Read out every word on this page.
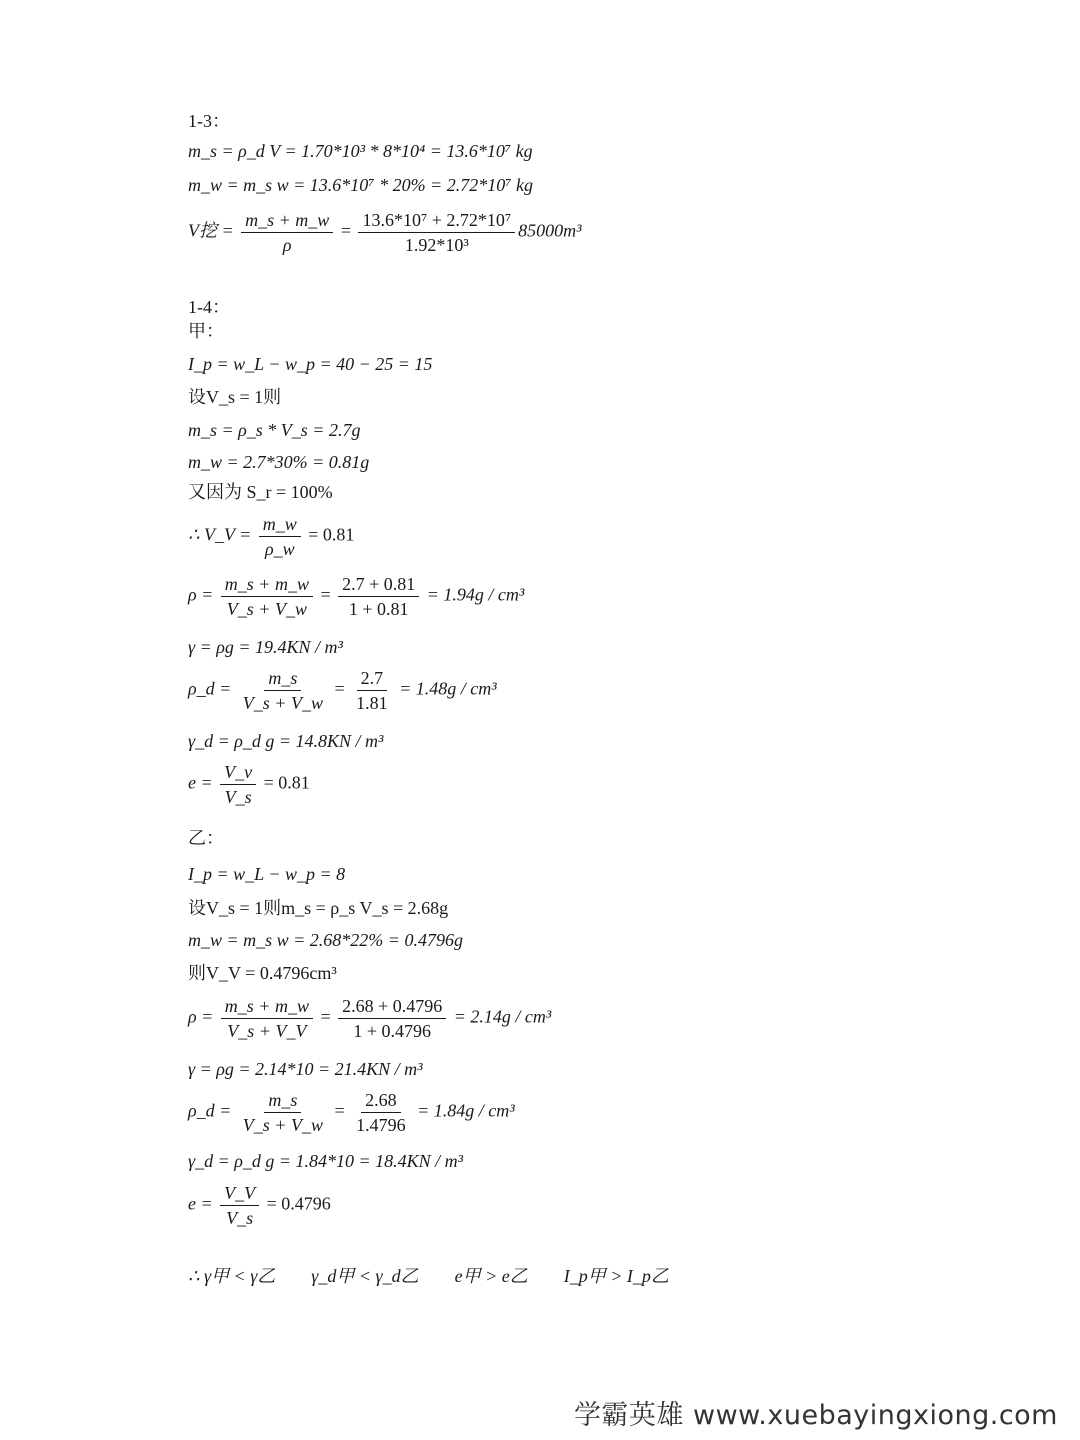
1-3：
m_s = ρ_d V = 1.70*10³ * 8*10⁴ = 13.6*10⁷ kg
m_w = m_s w = 13.6*10⁷ * 20% = 2.72*10⁷ kg
V挖 = $\frac{m\_s + m\_w}{\rho} = \frac{\text{13.6*10⁷ + 2.72*10⁷}}{\text{1.92*10³}} 85000m^3$
1-4：
甲：
I_p = w_L − w_p = 40 − 25 = 15
设V_s = 1则
m_s = ρ_s * V_s = 2.7g
m_w = 2.7*30% = 0.81g
又因为 S_r = 100%
∴ V_V = $\frac{m\_w}{\rho\_w} = 0.81$
$\rho = \frac{m\_s + m\_w}{V\_s + V\_w} = \frac{2.7 + 0.81}{1 + 0.81} = 1.94g / cm^3$
γ = ρg = 19.4KN / m³
ρ_d = $\frac{m\_s}{V\_s + V\_w} = \frac{2.7}{1.81} = 1.48g / cm^3$
γ_d = ρ_d g = 14.8KN / m³
$e = \frac{V\_v}{V\_s} = 0.81$
乙：
I_p = w_L − w_p = 8
设V_s = 1则m_s = ρ_s V_s = 2.68g
m_w = m_s w = 2.68*22% = 0.4796g
则V_V = 0.4796cm³
$\rho = \frac{m\_s + m\_w}{V\_s + V\_V} = \frac{2.68 + 0.4796}{1 + 0.4796} = 2.14g / cm^3$
γ = ρg = 2.14*10 = 21.4KN / m³
ρ_d = $\frac{m\_s}{V\_s + V\_w} = \frac{2.68}{1.4796} = 1.84g / cm^3$
γ_d = ρ_d g = 1.84*10 = 18.4KN / m³
$e = \frac{V\_V}{V\_s} = 0.4796$
∴ γ甲 < γ乙        γ_d甲 < γ_d乙        e甲 > e乙        I_p甲 > I_p乙
学霸英雄 www.xuebayingxiong.com
